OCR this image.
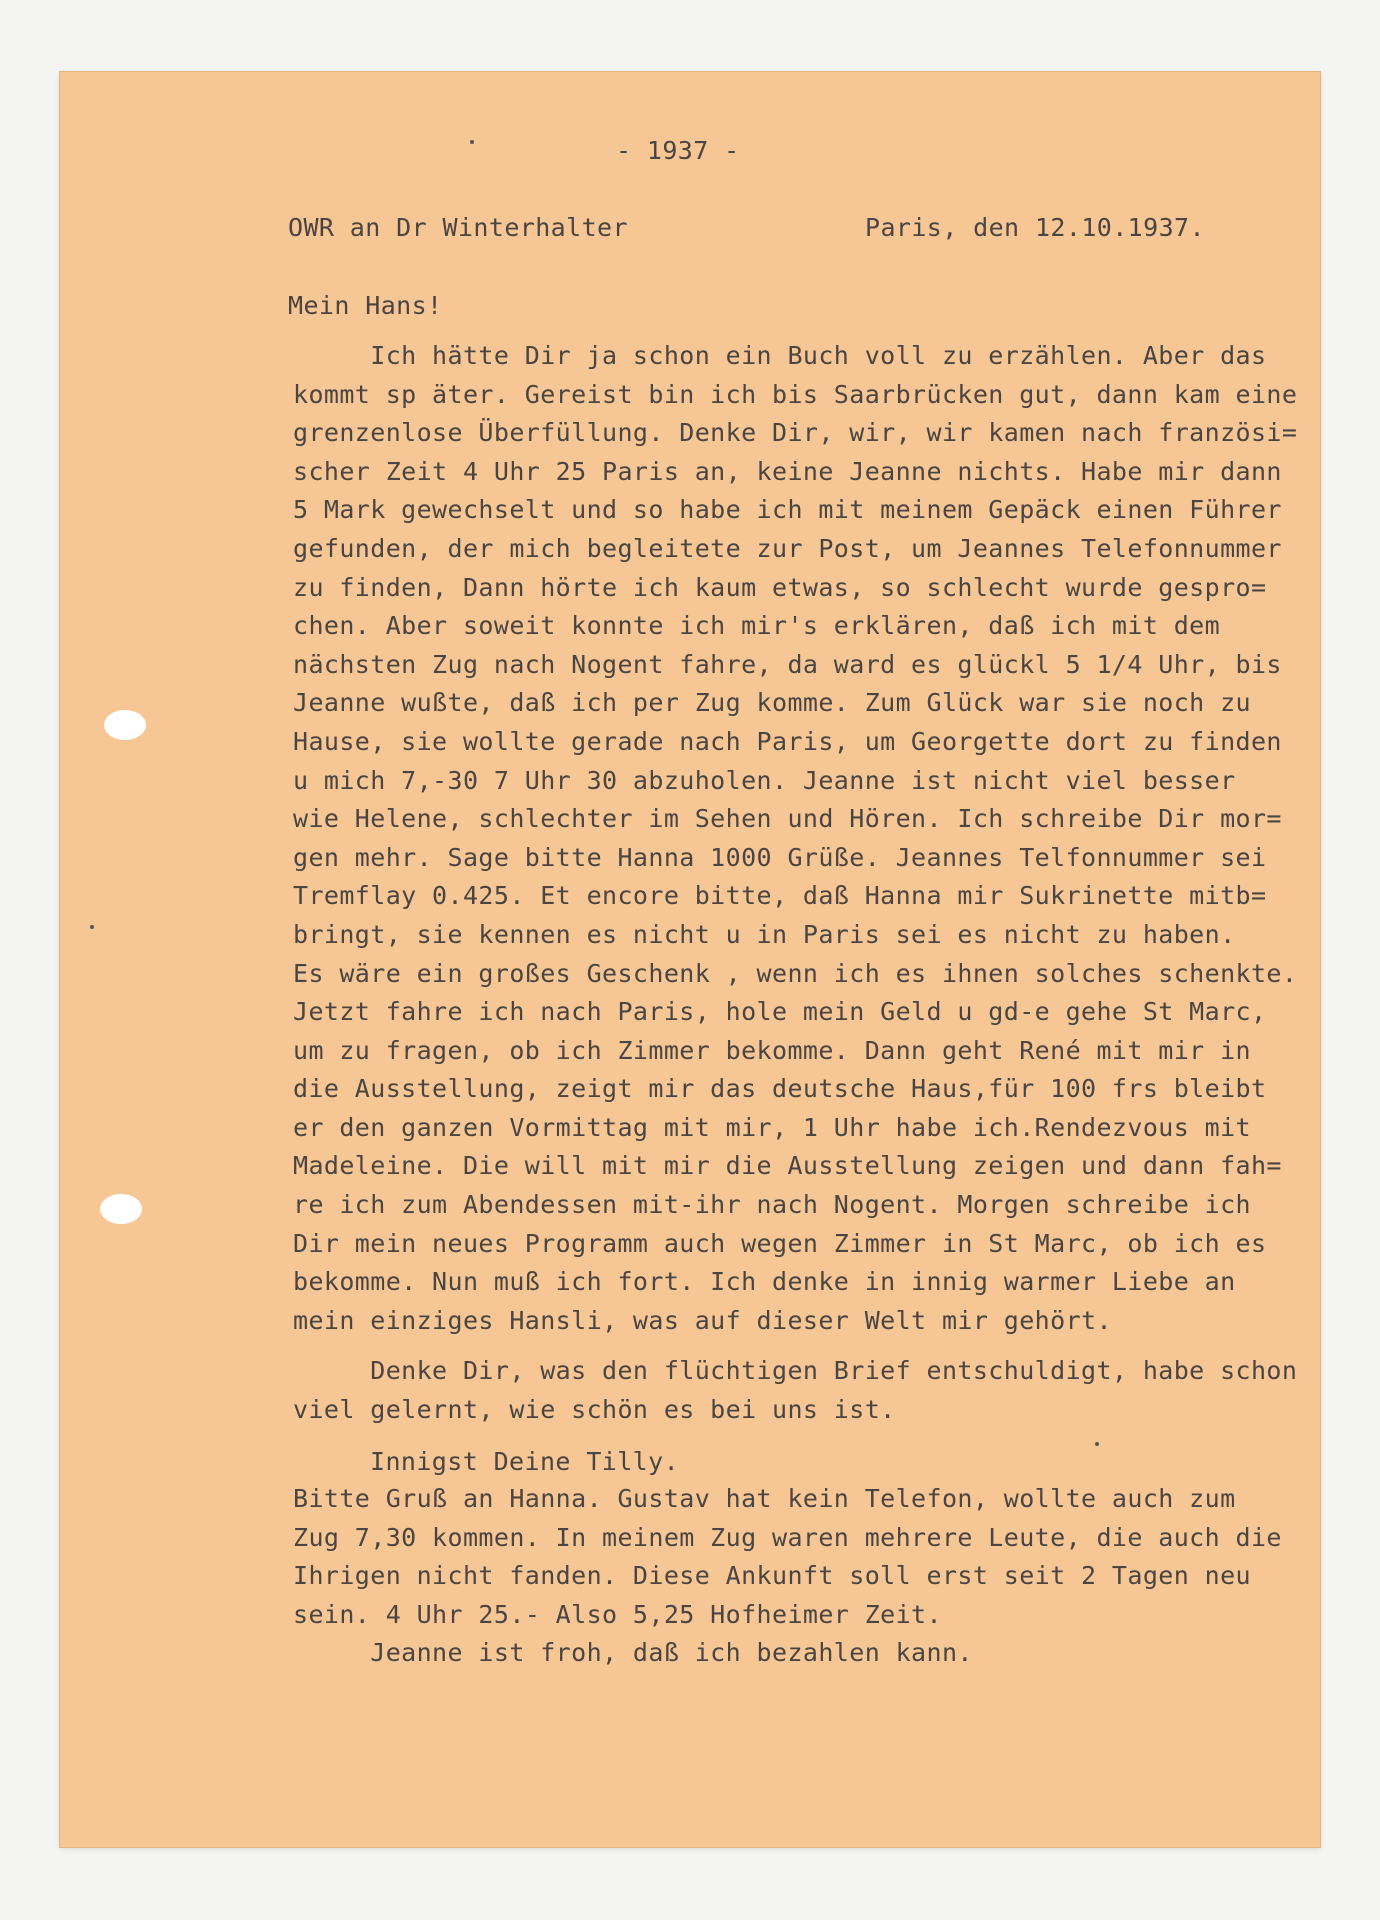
- 1937 -
OWR an Dr Winterhalter	Paris, den 12.10.1937.
Mein Hans!
Ich hätte Dir ja schon ein Buch voll zu erzählen. Aber das
kommt sp äter. Gereist bin ich bis Saarbrücken gut, dann kam eine
grenzenlose Überfüllung. Denke Dir, wir, wir kamen nach französi=
scher Zeit 4 Uhr 25 Paris an, keine Jeanne nichts. Habe mir dann
5 Mark gewechselt und so habe ich mit meinem Gepäck einen Führer
gefunden, der mich begleitete zur Post, um Jeannes Telefonnummer
zu finden, Dann hörte ich kaum etwas, so schlecht wurde gespro=
chen. Aber soweit konnte ich mir's erklären, daß ich mit dem
nächsten Zug nach Nogent fahre, da ward es glückl 5 1/4 Uhr, bis
Jeanne wußte, daß ich per Zug komme. Zum Glück war sie noch zu
Hause, sie wollte gerade nach Paris, um Georgette dort zu finden
u mich 7,-30 7 Uhr 30 abzuholen. Jeanne ist nicht viel besser
wie Helene, schlechter im Sehen und Hören. Ich schreibe Dir mor=
gen mehr. Sage bitte Hanna 1000 Grüße. Jeannes Telfonnummer sei
Tremflay 0.425. Et encore bitte, daß Hanna mir Sukrinette mitb=
bringt, sie kennen es nicht u in Paris sei es nicht zu haben.
Es wäre ein großes Geschenk , wenn ich es ihnen solches schenkte.
Jetzt fahre ich nach Paris, hole mein Geld u gd-e gehe St Marc,
um zu fragen, ob ich Zimmer bekomme. Dann geht René mit mir in
die Ausstellung, zeigt mir das deutsche Haus,für 100 frs bleibt
er den ganzen Vormittag mit mir, 1 Uhr habe ich.Rendezvous mit
Madeleine. Die will mit mir die Ausstellung zeigen und dann fah=
re ich zum Abendessen mit-ihr nach Nogent. Morgen schreibe ich
Dir mein neues Programm auch wegen Zimmer in St Marc, ob ich es
bekomme. Nun muß ich fort. Ich denke in innig warmer Liebe an
mein einziges Hansli, was auf dieser Welt mir gehört.
Denke Dir, was den flüchtigen Brief entschuldigt, habe schon
viel gelernt, wie schön es bei uns ist.
Innigst Deine Tilly.
Bitte Gruß an Hanna. Gustav hat kein Telefon, wollte auch zum
Zug 7,30 kommen. In meinem Zug waren mehrere Leute, die auch die
Ihrigen nicht fanden. Diese Ankunft soll erst seit 2 Tagen neu
sein. 4 Uhr 25.- Also 5,25 Hofheimer Zeit.
Jeanne ist froh, daß ich bezahlen kann.
